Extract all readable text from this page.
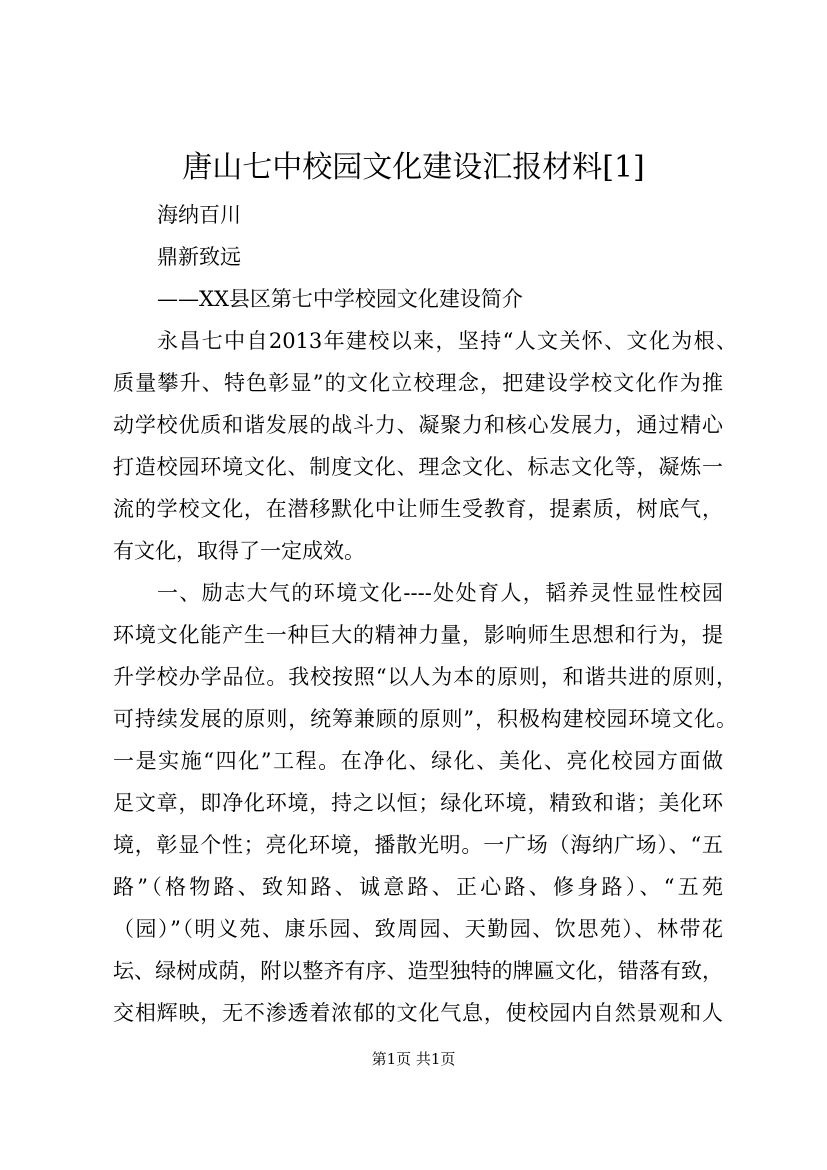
唐山七中校园文化建设汇报材料[1]
海纳百川
鼎新致远
——XX县区第七中学校园文化建设简介
永昌七中自2013年建校以来，坚持“人文关怀、文化为根、
质量攀升、特色彰显”的文化立校理念，把建设学校文化作为推
动学校优质和谐发展的战斗力、凝聚力和核心发展力，通过精心
打造校园环境文化、制度文化、理念文化、标志文化等，凝炼一
流的学校文化，在潜移默化中让师生受教育，提素质，树底气，
有文化，取得了一定成效。
一、励志大气的环境文化----处处育人，韬养灵性显性校园
环境文化能产生一种巨大的精神力量，影响师生思想和行为，提
升学校办学品位。我校按照“以人为本的原则，和谐共进的原则，
可持续发展的原则，统筹兼顾的原则”，积极构建校园环境文化。
一是实施“四化”工程。在净化、绿化、美化、亮化校园方面做
足文章，即净化环境，持之以恒；绿化环境，精致和谐；美化环
境，彰显个性；亮化环境，播散光明。一广场（海纳广场）、“五
路”（格物路、致知路、诚意路、正心路、修身路）、“五苑
（园）”（明义苑、康乐园、致周园、天勤园、饮思苑）、林带花
坛、绿树成荫，附以整齐有序、造型独特的牌匾文化，错落有致，
交相辉映，无不渗透着浓郁的文化气息，使校园内自然景观和人
第1页 共1页
